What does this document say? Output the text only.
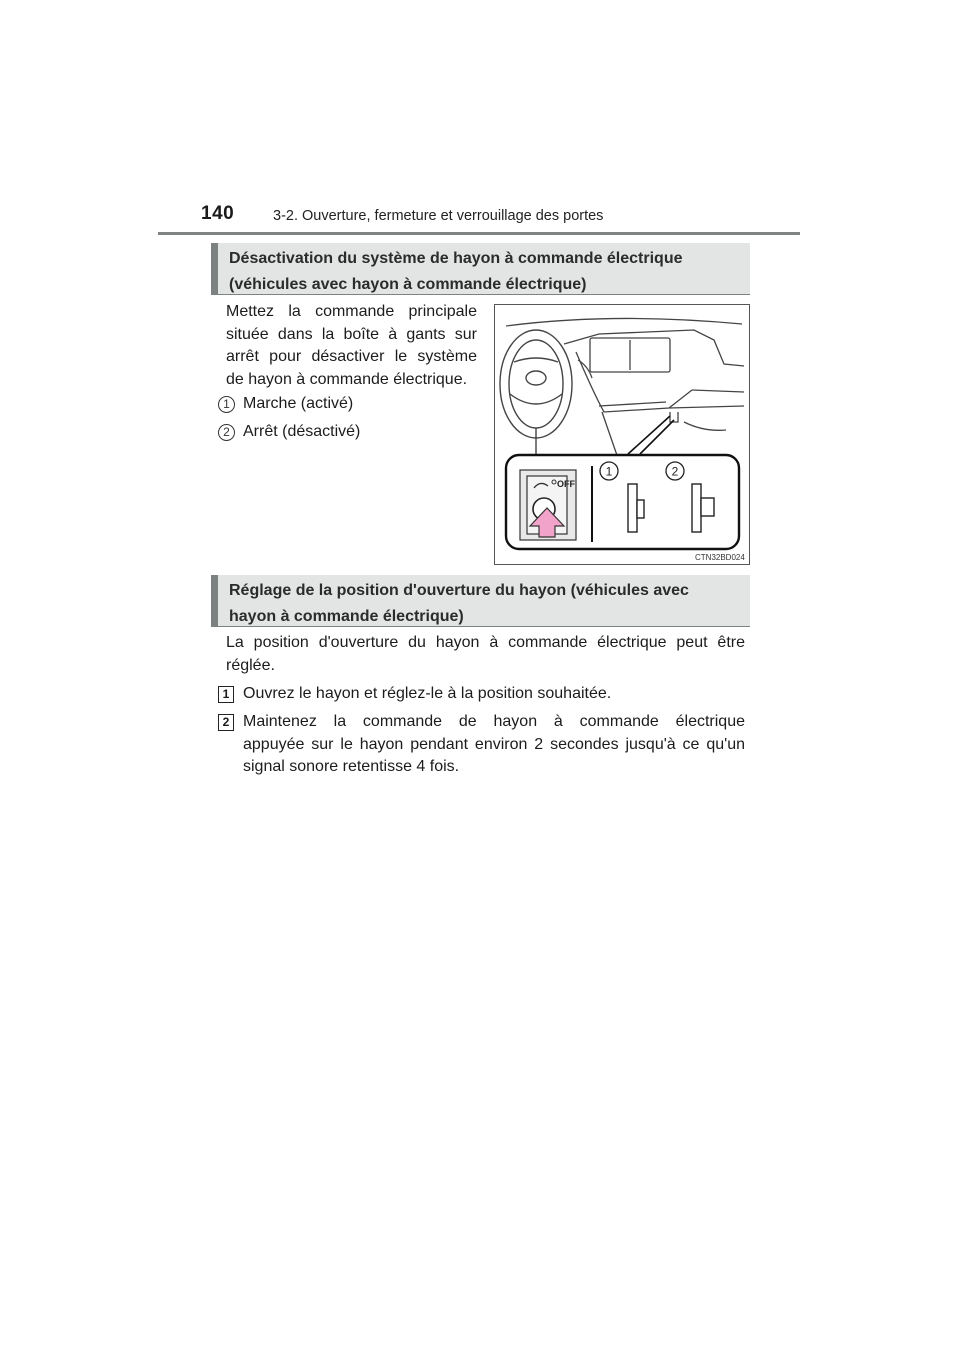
140	3-2. Ouverture, fermeture et verrouillage des portes

Désactivation du système de hayon à commande électrique

(véhicules avec hayon à commande électrique)

Mettez la commande principale
située dans la boîte à gants sur
arrêt pour désactiver le système
de hayon à commande électrique.
1 Marche (activé)
2 Arrêt (désactivé)
OFF
1	2
CTN32BD024

Réglage de la position d'ouverture du hayon (véhicules avec

hayon à commande électrique)

La position d'ouverture du hayon à commande électrique peut être
réglée.
1 Ouvrez le hayon et réglez-le à la position souhaitée.
2 Maintenez la commande de hayon à commande électrique
appuyée sur le hayon pendant environ 2 secondes jusqu'à ce qu'un
signal sonore retentisse 4 fois.
